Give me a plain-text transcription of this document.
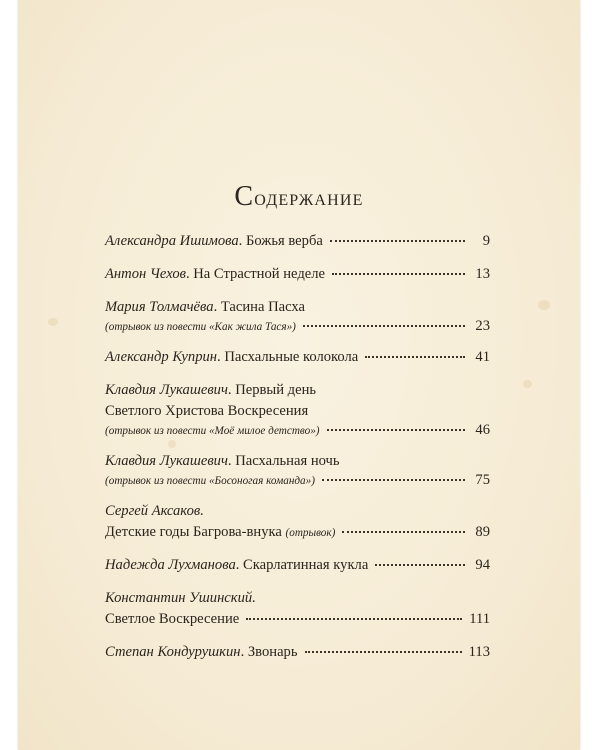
Содержание
Александра Ишимова . Божья верба	9
Антон Чехов . На Страстной неделе	13
Мария Толмачёва . Тасина Пасха
(отрывок из повести «Как жила Тася»)	23
Александр Куприн . Пасхальные колокола	41
Клавдия Лукашевич . Первый день
Светлого Христова Воскресения
(отрывок из повести «Моё милое детство»)	46
Клавдия Лукашевич . Пасхальная ночь
(отрывок из повести «Босоногая команда»)	75
Сергей Аксаков.
Детские годы Багрова-внука
(отрывок)	89
Надежда Лухманова . Скарлатинная кукла	94
Константин Ушинский.
Светлое Воскресение	111
Степан Кондурушкин . Звонарь	113
